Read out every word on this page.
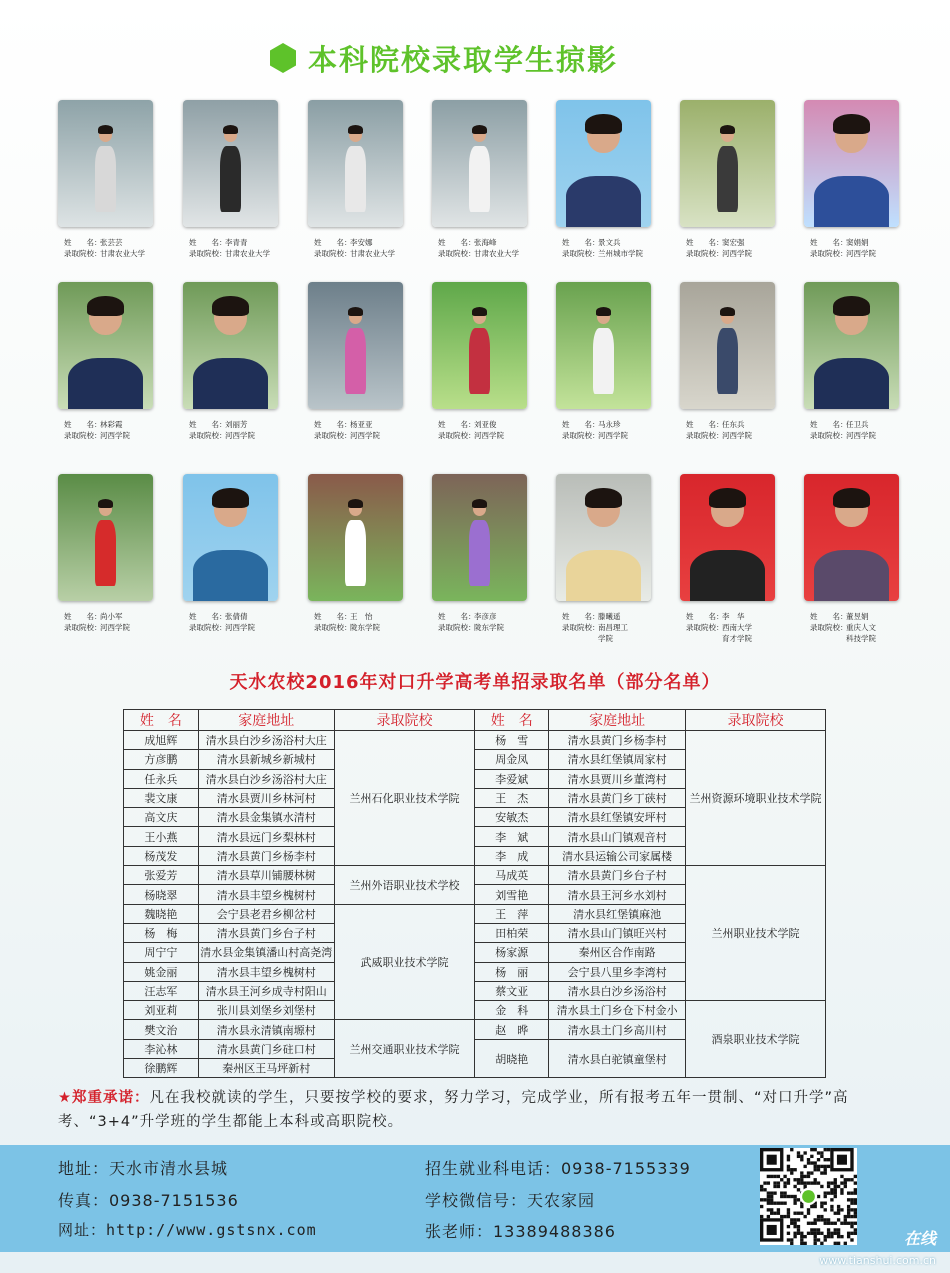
本科院校录取学生掠影
姓　　名：张芸芸
录取院校：
甘肃农业大学
姓　　名：李青青
录取院校：
甘肃农业大学
姓　　名：李安娜
录取院校：
甘肃农业大学
姓　　名：张海峰
录取院校：
甘肃农业大学
姓　　名：景文兵
录取院校：
兰州城市学院
姓　　名：窦宏强
录取院校：
河西学院
姓　　名：窦娟娟
录取院校：
河西学院
姓　　名：林彩霞
录取院校：
河西学院
姓　　名：刘丽芳
录取院校：
河西学院
姓　　名：杨亚亚
录取院校：
河西学院
姓　　名：刘亚俊
录取院校：
河西学院
姓　　名：马永珍
录取院校：
河西学院
姓　　名：任东兵
录取院校：
河西学院
姓　　名：任卫兵
录取院校：
河西学院
姓　　名：尚小军
录取院校：
河西学院
姓　　名：张倩倩
录取院校：
河西学院
姓　　名：王　怡
录取院校：
陇东学院
姓　　名：李彦彦
录取院校：
陇东学院
姓　　名：滕曦遥
录取院校：
南昌理工
学院
姓　　名：李　华
录取院校：
西南大学
育才学院
姓　　名：董昱娟
录取院校：
重庆人文
科技学院
天水农校2016年对口升学高考单招录取名单（部分名单）
姓　名	家庭地址	录取院校	姓　名	家庭地址	录取院校
成旭辉	清水县白沙乡汤浴村大庄	兰州石化职业技术学院	杨　雪	清水县黄门乡杨李村	兰州资源环境职业技术学院
方彦鹏	清水县新城乡新城村		周金凤	清水县红堡镇周家村	
任永兵	清水县白沙乡汤浴村大庄		李爱斌	清水县贾川乡董湾村	
裴文康	清水县贾川乡林河村		王　杰	清水县黄门乡丁硖村	
高文庆	清水县金集镇水清村		安敏杰	清水县红堡镇安坪村	
王小燕	清水县远门乡梨林村		李　斌	清水县山门镇观音村	
杨茂发	清水县黄门乡杨李村		李　成	清水县运输公司家属楼	
张爱芳	清水县草川铺腰林树	兰州外语职业技术学校	马成英	清水县黄门乡台子村	兰州职业技术学院
杨晓翠	清水县丰望乡槐树村		刘雪艳	清水县王河乡水刘村	
魏晓艳	会宁县老君乡柳岔村	武威职业技术学院	王　萍	清水县红堡镇麻池	
杨　梅	清水县黄门乡台子村		田柏荣	清水县山门镇旺兴村	
周宁宁	清水县金集镇潘山村高尧湾		杨家源	秦州区合作南路	
姚金丽	清水县丰望乡槐树村		杨　丽	会宁县八里乡李湾村	
汪志军	清水县王河乡成寺村阳山		蔡文亚	清水县白沙乡汤浴村	
刘亚莉	张川县刘堡乡刘堡村		金　科	清水县土门乡仓下村金小	酒泉职业技术学院
樊文治	清水县永清镇南塬村	兰州交通职业技术学院	赵　晔	清水县土门乡高川村	
李沁林	清水县黄门乡砫口村		胡晓艳	清水县白驼镇童堡村	
徐鹏辉	秦州区王马坪新村				
★郑重承诺：凡在我校就读的学生，只要按学校的要求，努力学习，完成学业，所有报考五年一贯制、“对口升学”高考、“3+4”升学班的学生都能上本科或高职院校。
地址：天水市清水县城
传真：0938-7151536
网址：http://www.gstsnx.com
招生就业科电话：0938-7155339
学校微信号：天农家园
张老师：13389488386	在线
www.tianshui.com.cn
